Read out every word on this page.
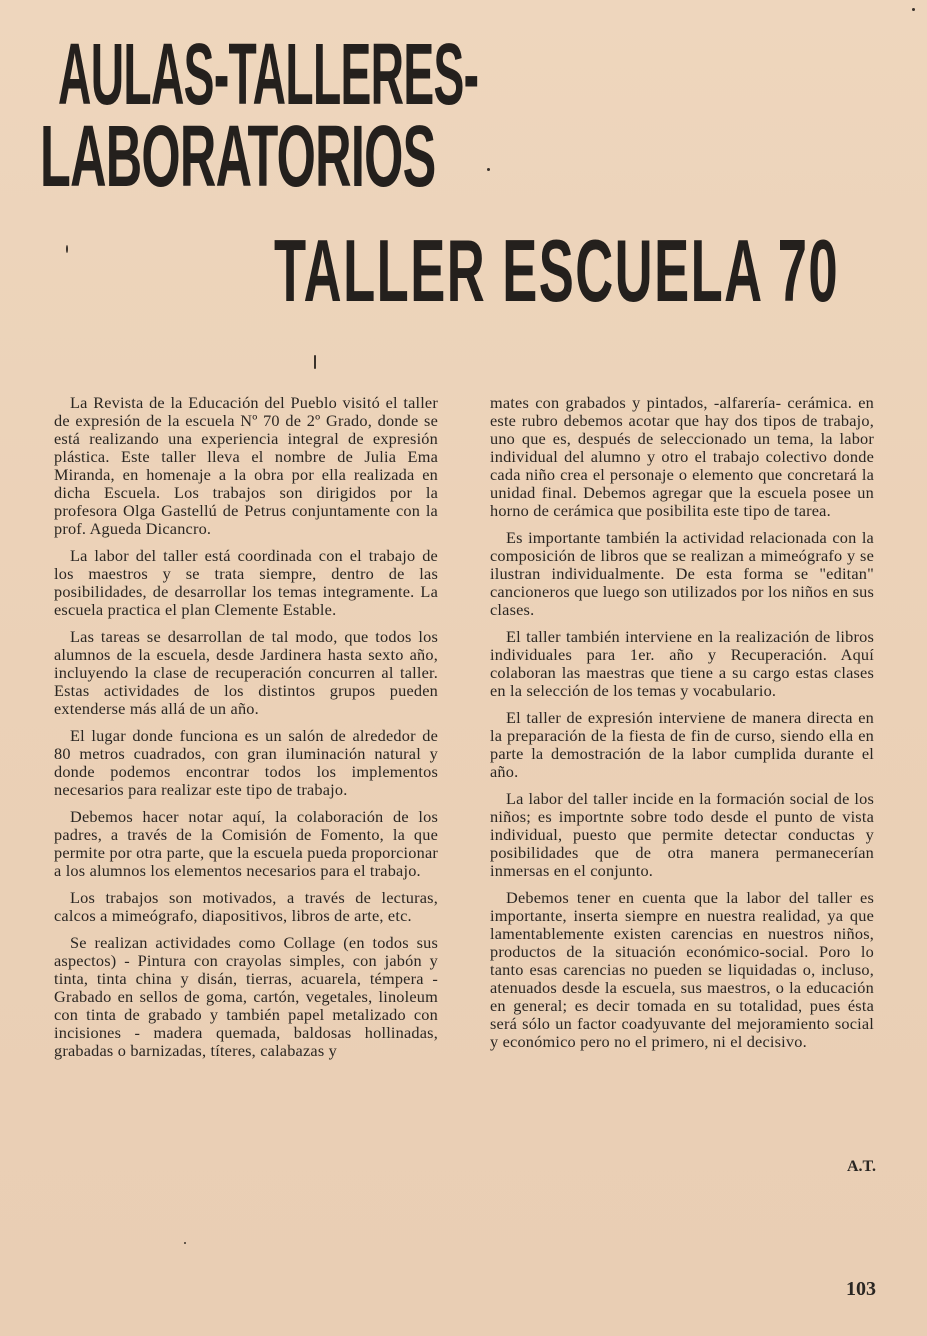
AULAS-TALLERES-
LABORATORIOS
TALLER ESCUELA 70

La Revista de la Educación del Pueblo visitó el taller de expresión de la escuela Nº 70 de 2º Grado, donde se está realizando una experiencia integral de expresión plástica. Este taller lleva el nombre de Julia Ema Miranda, en homenaje a la obra por ella realizada en dicha Escuela. Los trabajos son dirigidos por la profesora Olga Gastellú de Petrus conjuntamente con la prof. Agueda Dicancro.

La labor del taller está coordinada con el trabajo de los maestros y se trata siempre, dentro de las posibilidades, de desarrollar los temas integramente. La escuela practica el plan Clemente Estable.

Las tareas se desarrollan de tal modo, que todos los alumnos de la escuela, desde Jardinera hasta sexto año, incluyendo la clase de recuperación concurren al taller. Estas actividades de los distintos grupos pueden extenderse más allá de un año.

El lugar donde funciona es un salón de alrededor de 80 metros cuadrados, con gran iluminación natural y donde podemos encontrar todos los implementos necesarios para realizar este tipo de trabajo.

Debemos hacer notar aquí, la colaboración de los padres, a través de la Comisión de Fomento, la que permite por otra parte, que la escuela pueda proporcionar a los alumnos los elementos necesarios para el trabajo.

Los trabajos son motivados, a través de lecturas, calcos a mimeógrafo, diapositivos, libros de arte, etc.

Se realizan actividades como Collage (en todos sus aspectos) - Pintura con crayolas simples, con jabón y tinta, tinta china y disán, tierras, acuarela, témpera - Grabado en sellos de goma, cartón, vegetales, linoleum con tinta de grabado y también papel metalizado con incisiones - madera quemada, baldosas hollinadas, grabadas o barnizadas, títeres, calabazas y

mates con grabados y pintados, -alfarería- cerámica. en este rubro debemos acotar que hay dos tipos de trabajo, uno que es, después de seleccionado un tema, la labor individual del alumno y otro el trabajo colectivo donde cada niño crea el personaje o elemento que concretará la unidad final. Debemos agregar que la escuela posee un horno de cerámica que posibilita este tipo de tarea.

Es importante también la actividad relacionada con la composición de libros que se realizan a mimeógrafo y se ilustran individualmente. De esta forma se "editan" cancioneros que luego son utilizados por los niños en sus clases.

El taller también interviene en la realización de libros individuales para 1er. año y Recuperación. Aquí colaboran las maestras que tiene a su cargo estas clases en la selección de los temas y vocabulario.

El taller de expresión interviene de manera directa en la preparación de la fiesta de fin de curso, siendo ella en parte la demostración de la labor cumplida durante el año.

La labor del taller incide en la formación social de los niños; es importnte sobre todo desde el punto de vista individual, puesto que permite detectar conductas y posibilidades que de otra manera permanecerían inmersas en el conjunto.

Debemos tener en cuenta que la labor del taller es importante, inserta siempre en nuestra realidad, ya que lamentablemente existen carencias en nuestros niños, productos de la situación económico-social. Poro lo tanto esas carencias no pueden se liquidadas o, incluso, atenuados desde la escuela, sus maestros, o la educación en general; es decir tomada en su totalidad, pues ésta será sólo un factor coadyuvante del mejoramiento social y económico pero no el primero, ni el decisivo.

A.T.
103
